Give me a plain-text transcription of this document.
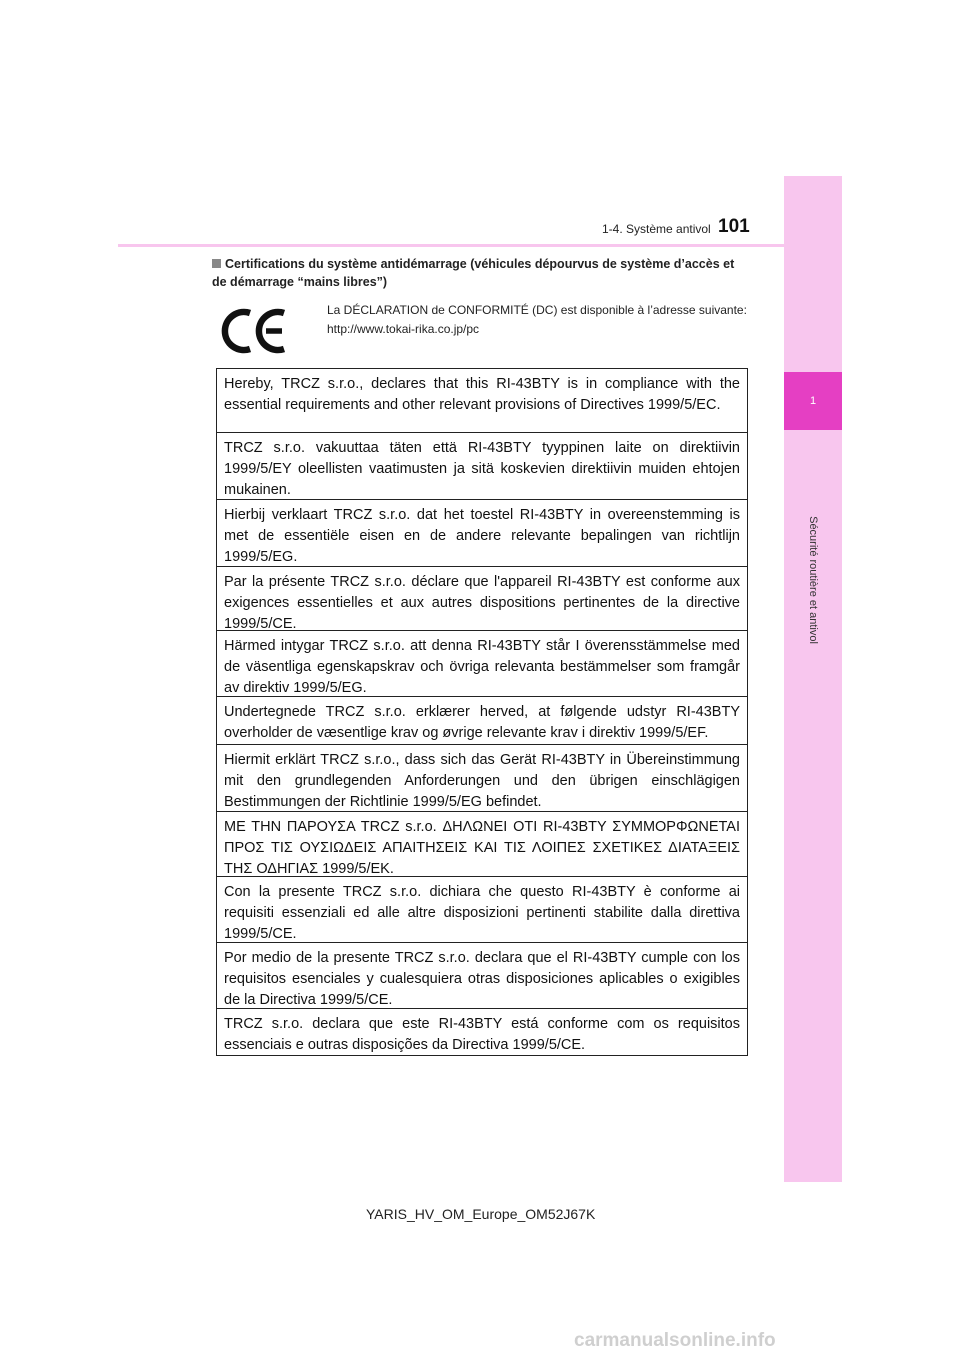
1
Sécurité routière et antivol
1-4. Système antivol 101
Certifications du système antidémarrage (véhicules dépourvus de système d’accès et de démarrage “mains libres”)
La DÉCLARATION de CONFORMITÉ (DC) est disponible à l’adresse suivante:
http://www.tokai-rika.co.jp/pc
Hereby, TRCZ s.r.o., declares that this RI-43BTY is in compliance with the essential requirements and other relevant provisions of Directives 1999/5/EC.
TRCZ s.r.o. vakuuttaa täten että RI-43BTY tyyppinen laite on direktiivin 1999/5/EY oleellisten vaatimusten ja sitä koskevien direktiivin muiden ehtojen mukainen.
Hierbij verklaart TRCZ s.r.o. dat het toestel RI-43BTY in overeenstemming is met de essentiële eisen en de andere relevante bepalingen van richtlijn 1999/5/EG.
Par la présente TRCZ s.r.o. déclare que l'appareil RI-43BTY est conforme aux exigences essentielles et aux autres dispositions pertinentes de la directive 1999/5/CE.
Härmed intygar TRCZ s.r.o. att denna RI-43BTY står I överensstämmelse med de väsentliga egenskapskrav och övriga relevanta bestämmelser som framgår av direktiv 1999/5/EG.
Undertegnede TRCZ s.r.o. erklærer herved, at følgende udstyr RI-43BTY overholder de væsentlige krav og øvrige relevante krav i direktiv 1999/5/EF.
Hiermit erklärt TRCZ s.r.o., dass sich das Gerät RI-43BTY in Übereinstimmung mit den grundlegenden Anforderungen und den übrigen einschlägigen Bestimmungen der Richtlinie 1999/5/EG befindet.
ΜΕ ΤΗΝ ΠΑΡΟΥΣΑ TRCZ s.r.o. ΔΗΛΩΝΕΙ ΟΤΙ RI-43BTY ΣΥΜΜΟΡΦΩΝΕΤΑΙ ΠΡΟΣ ΤΙΣ ΟΥΣΙΩΔΕΙΣ ΑΠΑΙΤΗΣΕΙΣ ΚΑΙ ΤΙΣ ΛΟΙΠΕΣ ΣΧΕΤΙΚΕΣ ΔΙΑΤΑΞΕΙΣ ΤΗΣ ΟΔΗΓΙΑΣ 1999/5/ΕΚ.
Con la presente TRCZ s.r.o. dichiara che questo RI-43BTY è conforme ai requisiti essenziali ed alle altre disposizioni pertinenti stabilite dalla direttiva 1999/5/CE.
Por medio de la presente TRCZ s.r.o. declara que el RI-43BTY cumple con los requisitos esenciales y cualesquiera otras disposiciones aplicables o exigibles de la Directiva 1999/5/CE.
TRCZ s.r.o. declara que este RI-43BTY está conforme com os requisitos essenciais e outras disposições da Directiva 1999/5/CE.
YARIS_HV_OM_Europe_OM52J67K
carmanualsonline.info
